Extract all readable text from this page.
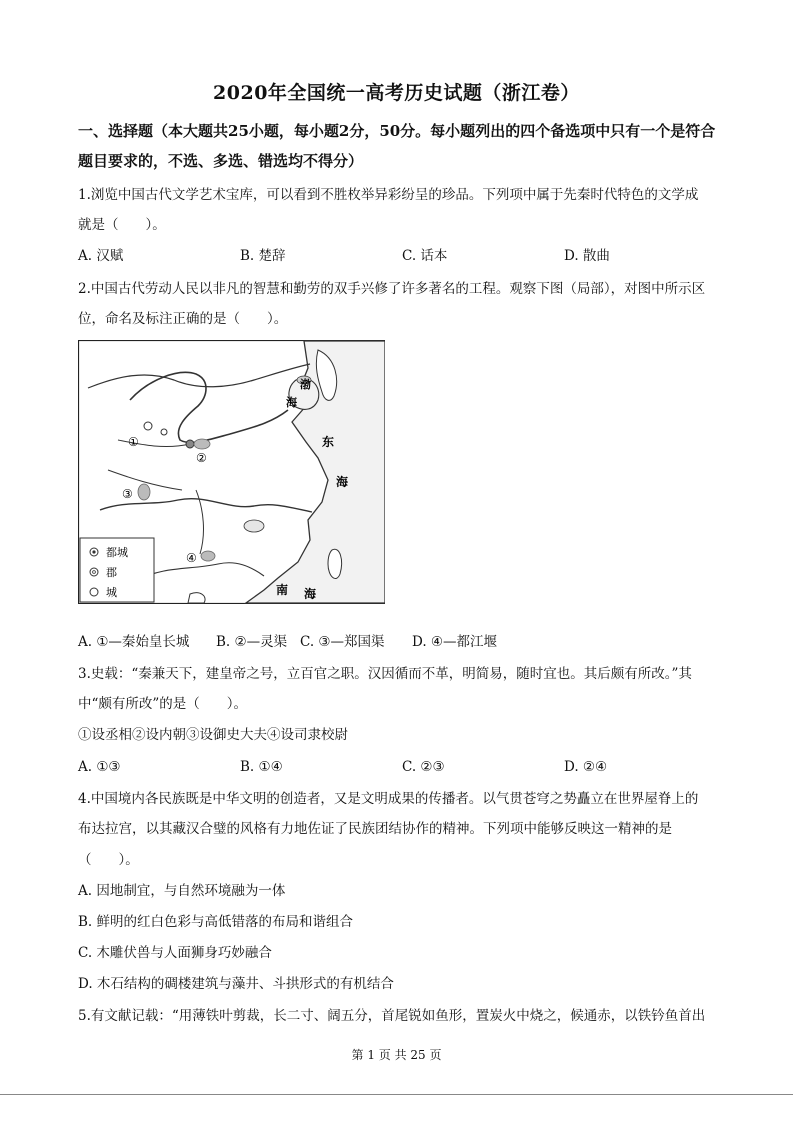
2020年全国统一高考历史试题（浙江卷）
一、选择题（本大题共25小题，每小题2分，50分。每小题列出的四个备选项中只有一个是符合题目要求的，不选、多选、错选均不得分）
1.浏览中国古代文学艺术宝库，可以看到不胜枚举异彩纷呈的珍品。下列项中属于先秦时代特色的文学成
就是（　　）。
A. 汉赋	B. 楚辞	C. 话本	D. 散曲
2.中国古代劳动人民以非凡的智慧和勤劳的双手兴修了许多著名的工程。观察下图（局部），对图中所示区
位，命名及标注正确的是（　　）。
①
②
③
④
渤
海
东
海
南 海
都城
郡
城
A. ①—秦始皇长城 B. ②—灵渠 C. ③—郑国渠 D. ④—都江堰
3.史载：“秦兼天下，建皇帝之号，立百官之职。汉因循而不革，明简易，随时宜也。其后颇有所改。”其
中“颇有所改”的是（　　）。
①设丞相②设内朝③设御史大夫④设司隶校尉
A. ①③	B. ①④	C. ②③	D. ②④
4.中国境内各民族既是中华文明的创造者，又是文明成果的传播者。以气贯苍穹之势矗立在世界屋脊上的
布达拉宫，以其藏汉合璧的风格有力地佐证了民族团结协作的精神。下列项中能够反映这一精神的是
（　　）。
A. 因地制宜，与自然环境融为一体
B. 鲜明的红白色彩与高低错落的布局和谐组合
C. 木雕伏兽与人面狮身巧妙融合
D. 木石结构的碉楼建筑与藻井、斗拱形式的有机结合
5.有文献记载：“用薄铁叶剪裁，长二寸、阔五分，首尾锐如鱼形，置炭火中烧之，候通赤，以铁钤鱼首出
第 1 页 共 25 页
